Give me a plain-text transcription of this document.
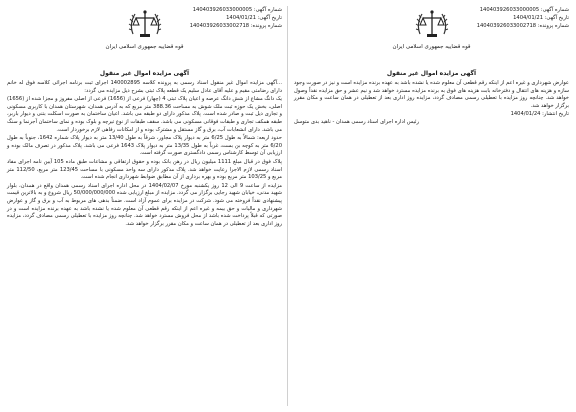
قوه قضاییه جمهوری اسلامی ایران
شماره آگهی: 140403926033000005
تاریخ آگهی: 1404/01/21
شماره پرونده: 140403926033002718
آگهی مزایده اموال غیر منقول

...آگهی مزایده اموال غیر منقول اسناد رسمی به پرونده کلاسه 140002895 اجرای ثبت برنامه اجرائی کلاسه فوق له خانم دارای رضامتی مقیم و علیه آقای عادل سلیم یک قطعه پلاک ثبتی بشرح ذیل مزایده می گردد:

یک دانگ مشاع از شش دانگ عرصه و اعیان پلاک ثبتی 4 (چهار) فرعی از (1656) فرعی از اصلی مفروز و مجزا شده از (1656) اصلی، بخش یک حوزه ثبت ملک شوش به مساحت 388.36 متر مربع که به آدرس همدان، شهرستان همدان با کاربری مسکونی و تجاری ذیل ثبت و صادر شده است. پلاک مذکور دارای دو طبقه می باشد. اعیان ساختمان به صورت اسکلت بتنی و دیوار باربر، طبقه همکف تجاری و طبقات فوقانی مسکونی می باشد. سقف طبقات از نوع تیرچه و بلوک بوده و نمای ساختمان آجرنما و سنگ می باشد. دارای انشعابات آب، برق و گاز مستقل و مشترک بوده و از امکانات رفاهی لازم برخوردار است.

حدود اربعه: شمالاً به طول 6/25 متر به دیوار پلاک مجاور، شرقاً به طول 13/40 متر به دیوار پلاک شماره 1642، جنوباً به طول 6/20 متر به کوچه بن بست، غرباً به طول 13/35 متر به دیوار پلاک 1643 فرعی می باشد. پلاک مذکور در تصرف مالک بوده و ارزیابی آن توسط کارشناس رسمی دادگستری صورت گرفته است.

پلاک فوق در قبال مبلغ 1111 میلیون ریال در رهن بانک بوده و حقوق ارتفاقی و مشاعات طبق ماده 105 آیین نامه اجرای مفاد اسناد رسمی لازم الاجرا رعایت خواهد شد. پلاک مذکور دارای سه واحد مسکونی با مساحت 123/45 متر مربع، 112/50 متر مربع و 103/25 متر مربع بوده و بهره برداری از آن مطابق ضوابط شهرداری انجام شده است.

مزایده از ساعت 9 الی 12 روز یکشنبه مورخ 1404/02/07 در محل اداره اجرای اسناد رسمی همدان واقع در همدان، بلوار شهید مدنی، خیابان شهید رجایی برگزار می گردد. مزایده از مبلغ ارزیابی شده 50/000/000/000 ریال شروع و به بالاترین قیمت پیشنهادی نقداً فروخته می شود. شرکت در مزایده برای عموم آزاد است. ضمناً بدهی های مربوط به آب و برق و گاز و عوارض شهرداری و مالیات و حق بیمه و غیره اعم از اینکه رقم قطعی آن معلوم شده یا نشده باشد به عهده برنده مزایده است و در صورتی که قبلاً پرداخت شده باشد از محل فروش مسترد خواهد شد. چنانچه روز مزایده با تعطیلی رسمی مصادف گردد، مزایده روز اداری بعد از تعطیلی در همان ساعت و مکان مقرر برگزار خواهد شد.

قوه قضاییه جمهوری اسلامی ایران
شماره آگهی: 140403926033000005
تاریخ آگهی: 1404/01/21
شماره پرونده: 140403926033002718
آگهی مزایده اموال غیر منقول

عوارض شهرداری و غیره اعم از اینکه رقم قطعی آن معلوم شده یا نشده باشد به عهده برنده مزایده است و نیز در صورت وجود سازه و هزینه های انتقال و دفترخانه بابت هزینه های فوق به برنده مزایده مسترد خواهد شد و نیم عشر و حق مزایده نقداً وصول خواهد شد. چنانچه روز مزایده با تعطیلی رسمی مصادف گردد، مزایده روز اداری بعد از تعطیلی در همان ساعت و مکان مقرر برگزار خواهد شد.

تاریخ انتشار: 1404/01/24
رئیس اداره اجرای اسناد رسمی همدان - ناهید بدی متوسل
